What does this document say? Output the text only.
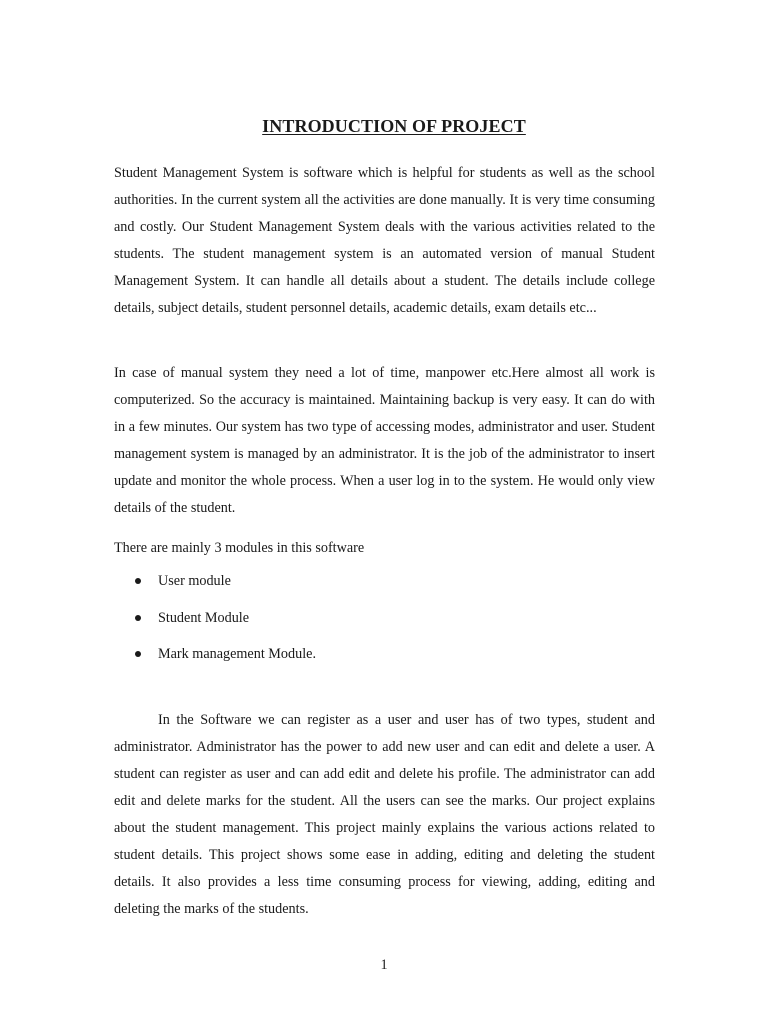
INTRODUCTION OF PROJECT

Student Management System is software which is helpful for students as well as the school authorities. In the current system all the activities are done manually. It is very time consuming and costly. Our Student Management System deals with the various activities related to the students. The student management system is an automated version of manual Student Management System. It can handle all details about a student. The details include college details, subject details, student personnel details, academic details, exam details etc...

In case of manual system they need a lot of time, manpower etc.Here almost all work is computerized. So the accuracy is maintained. Maintaining backup is very easy. It can do with in a few minutes. Our system has two type of accessing modes, administrator and user. Student management system is managed by an administrator. It is the job of the administrator to insert update and monitor the whole process. When a user log in to the system. He would only view details of the student.

There are mainly 3 modules in this software

User module
Student Module
Mark management Module.

In the Software we can register as a user and user has of two types, student and administrator. Administrator has the power to add new user and can edit and delete a user. A student can register as user and can add edit and delete his profile. The administrator can add edit and delete marks for the student. All the users can see the marks. Our project explains about the student management. This project mainly explains the various actions related to student details. This project shows some ease in adding, editing and deleting the student details. It also provides a less time consuming process for viewing, adding, editing and deleting the marks of the students.

1
